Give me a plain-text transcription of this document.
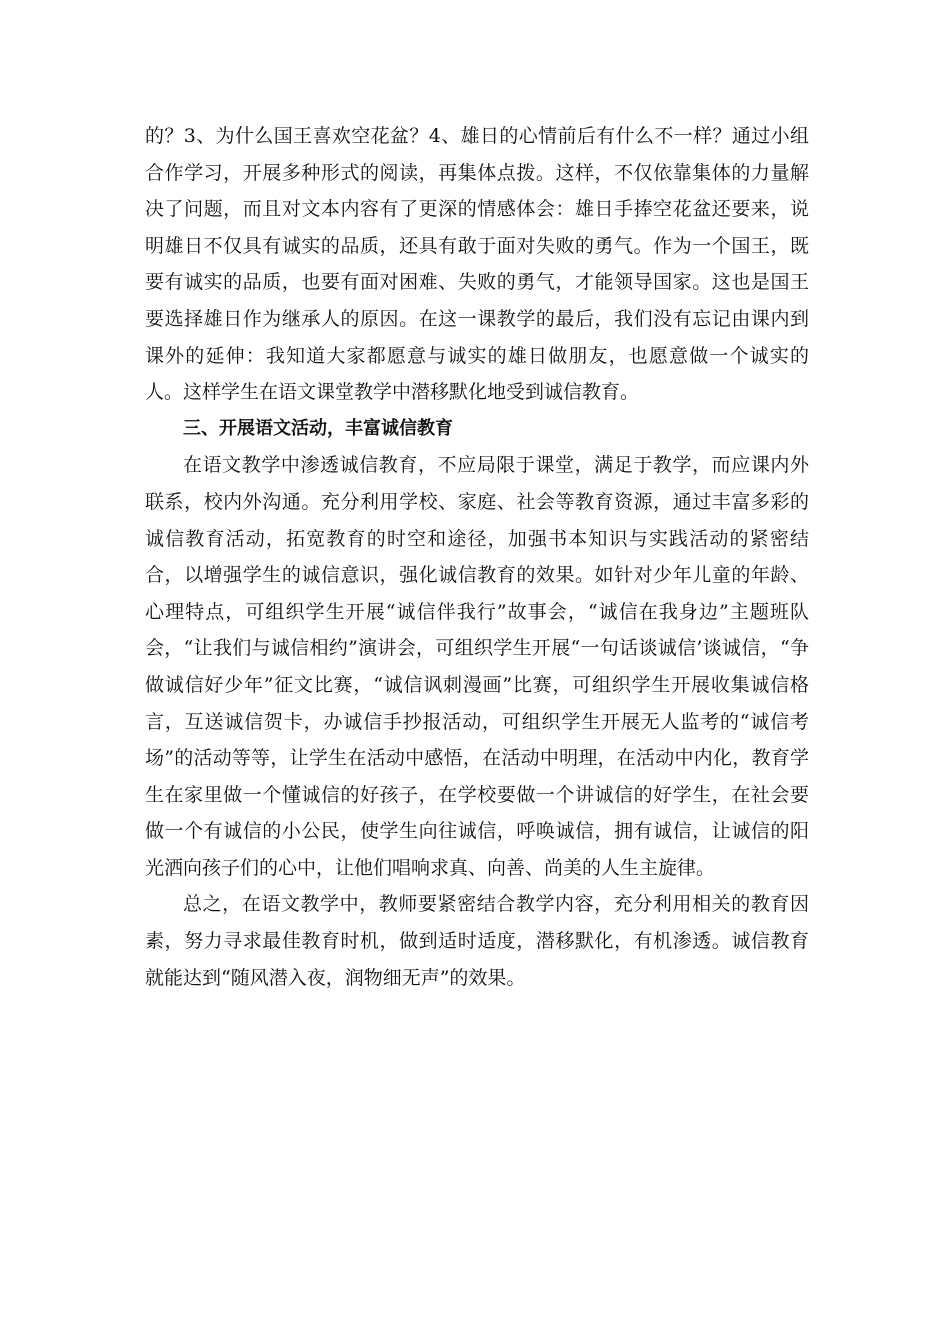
的？3、为什么国王喜欢空花盆？4、雄日的心情前后有什么不一样？通过小组合作学习，开展多种形式的阅读，再集体点拨。这样，不仅依靠集体的力量解决了问题，而且对文本内容有了更深的情感体会：雄日手捧空花盆还要来，说明雄日不仅具有诚实的品质，还具有敢于面对失败的勇气。作为一个国王，既要有诚实的品质，也要有面对困难、失败的勇气，才能领导国家。这也是国王要选择雄日作为继承人的原因。在这一课教学的最后，我们没有忘记由课内到课外的延伸：我知道大家都愿意与诚实的雄日做朋友，也愿意做一个诚实的人。这样学生在语文课堂教学中潜移默化地受到诚信教育。

三、开展语文活动，丰富诚信教育

在语文教学中渗透诚信教育，不应局限于课堂，满足于教学，而应课内外联系，校内外沟通。充分利用学校、家庭、社会等教育资源，通过丰富多彩的诚信教育活动，拓宽教育的时空和途径，加强书本知识与实践活动的紧密结合，以增强学生的诚信意识，强化诚信教育的效果。如针对少年儿童的年龄、心理特点，可组织学生开展“诚信伴我行”故事会，“诚信在我身边”主题班队会，“让我们与诚信相约”演讲会，可组织学生开展“一句话谈诚信’谈诚信，“争做诚信好少年”征文比赛，“诚信讽刺漫画”比赛，可组织学生开展收集诚信格言，互送诚信贺卡，办诚信手抄报活动，可组织学生开展无人监考的“诚信考场”的活动等等，让学生在活动中感悟，在活动中明理，在活动中内化，教育学生在家里做一个懂诚信的好孩子，在学校要做一个讲诚信的好学生，在社会要做一个有诚信的小公民，使学生向往诚信，呼唤诚信，拥有诚信，让诚信的阳光洒向孩子们的心中，让他们唱响求真、向善、尚美的人生主旋律。

总之，在语文教学中，教师要紧密结合教学内容，充分利用相关的教育因素，努力寻求最佳教育时机，做到适时适度，潜移默化，有机渗透。诚信教育就能达到“随风潜入夜，润物细无声”的效果。
